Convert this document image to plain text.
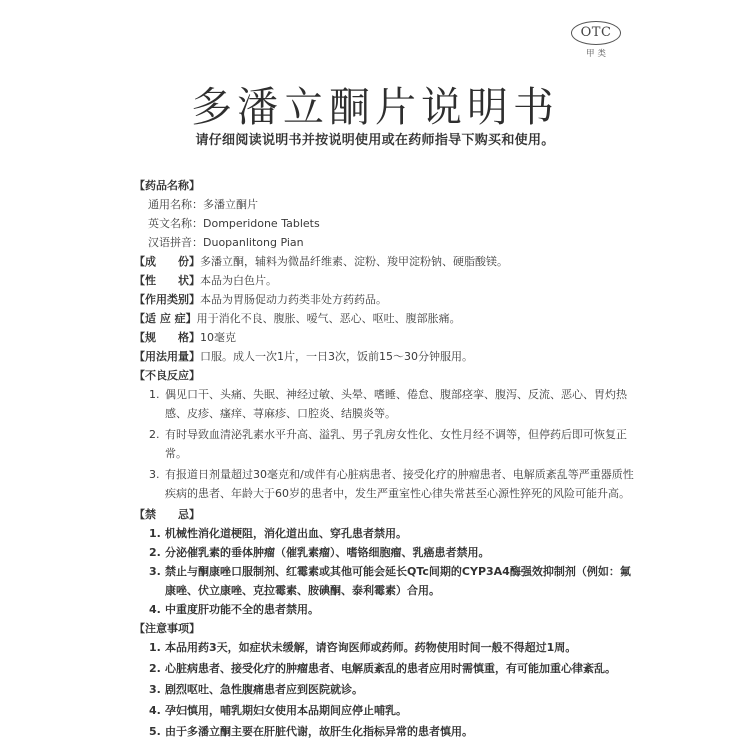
OTC
甲类
多潘立酮片说明书
请仔细阅读说明书并按说明使用或在药师指导下购买和使用。
【药品名称】
通用名称：多潘立酮片
英文名称：Domperidone Tablets
汉语拼音：Duopanlitong Pian
【成　　份】多潘立酮，辅料为微晶纤维素、淀粉、羧甲淀粉钠、硬脂酸镁。
【性　　状】本品为白色片。
【作用类别】本品为胃肠促动力药类非处方药药品。
【适 应 症】用于消化不良、腹胀、嗳气、恶心、呕吐、腹部胀痛。
【规　　格】10毫克
【用法用量】口服。成人一次1片，一日3次，饭前15～30分钟服用。
【不良反应】
1. 偶见口干、头痛、失眠、神经过敏、头晕、嗜睡、倦怠、腹部痉挛、腹泻、反流、恶心、胃灼热感、皮疹、瘙痒、荨麻疹、口腔炎、结膜炎等。
2. 有时导致血清泌乳素水平升高、溢乳、男子乳房女性化、女性月经不调等，但停药后即可恢复正常。
3. 有报道日剂量超过30毫克和/或伴有心脏病患者、接受化疗的肿瘤患者、电解质紊乱等严重器质性疾病的患者、年龄大于60岁的患者中，发生严重室性心律失常甚至心源性猝死的风险可能升高。
【禁　　忌】
1. 机械性消化道梗阻，消化道出血、穿孔患者禁用。
2. 分泌催乳素的垂体肿瘤（催乳素瘤）、嗜铬细胞瘤、乳癌患者禁用。
3. 禁止与酮康唑口服制剂、红霉素或其他可能会延长QTc间期的CYP3A4酶强效抑制剂（例如：氟康唑、伏立康唑、克拉霉素、胺碘酮、泰利霉素）合用。
4. 中重度肝功能不全的患者禁用。
【注意事项】
1. 本品用药3天，如症状未缓解，请咨询医师或药师。药物使用时间一般不得超过1周。
2. 心脏病患者、接受化疗的肿瘤患者、电解质紊乱的患者应用时需慎重，有可能加重心律紊乱。
3. 剧烈呕吐、急性腹痛患者应到医院就诊。
4. 孕妇慎用，哺乳期妇女使用本品期间应停止哺乳。
5. 由于多潘立酮主要在肝脏代谢，故肝生化指标异常的患者慎用。
